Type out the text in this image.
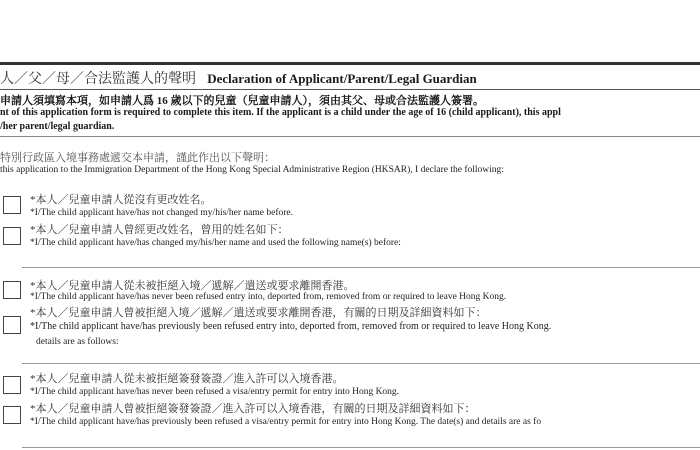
人／父／母／合法監護人的聲明 Declaration of Applicant/Parent/Legal Guardian
申請人須填寫本項，如申請人爲 16 歲以下的兒童（兒童申請人），須由其父、母或合法監護人簽署。
nt of this application form is required to complete this item. If the applicant is a child under the age of 16 (child applicant), this appl
/her parent/legal guardian.
特別行政區入境事務處遞交本申請，謹此作出以下聲明：
this application to the Immigration Department of the Hong Kong Special Administrative Region (HKSAR), I declare the following:
*本人／兒童申請人從沒有更改姓名。
*I/The child applicant have/has not changed my/his/her name before.
*本人／兒童申請人曾經更改姓名，曾用的姓名如下：
*I/The child applicant have/has changed my/his/her name and used the following name(s) before:
*本人／兒童申請人從未被拒絕入境／遞解／遣送或要求離開香港。
*I/The child applicant have/has never been refused entry into, deported from, removed from or required to leave Hong Kong.
*本人／兒童申請人曾被拒絕入境／遞解／遣送或要求離開香港，有關的日期及詳細資料如下：
*I/The child applicant have/has previously been refused entry into, deported from, removed from or required to leave Hong Kong.
details are as follows:
*本人／兒童申請人從未被拒絕簽發簽證／進入許可以入境香港。
*I/The child applicant have/has never been refused a visa/entry permit for entry into Hong Kong.
*本人／兒童申請人曾被拒絕簽發簽證／進入許可以入境香港，有關的日期及詳細資料如下：
*I/The child applicant have/has previously been refused a visa/entry permit for entry into Hong Kong. The date(s) and details are as fo
